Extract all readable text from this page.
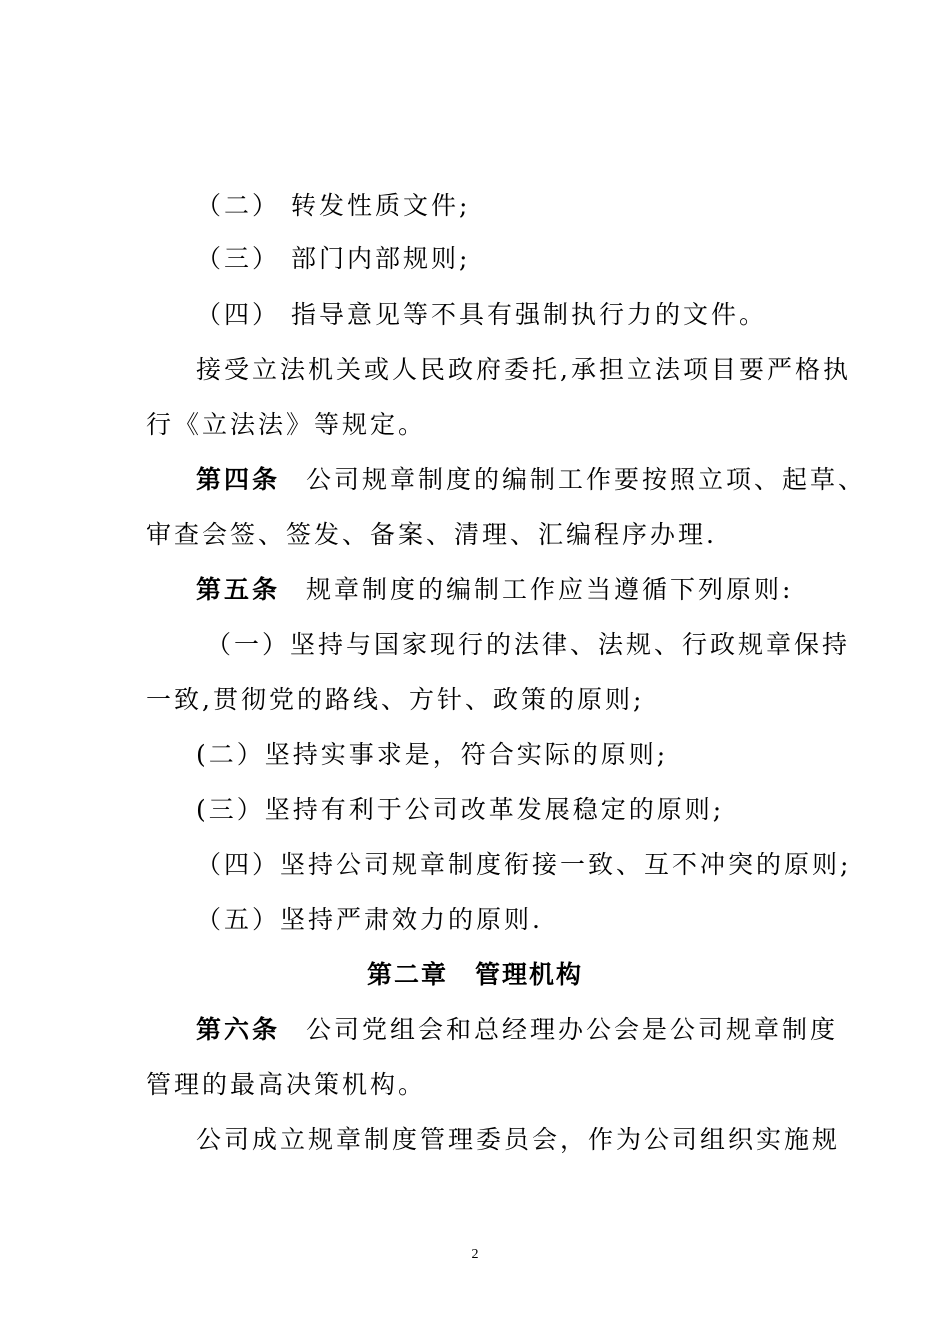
（二） 转发性质文件;
（三） 部门内部规则;
（四） 指导意见等不具有强制执行力的文件。
接受立法机关或人民政府委托,承担立法项目要严格执
行《立法法》等规定。
第四条 公司规章制度的编制工作要按照立项、起草、
审查会签、签发、备案、清理、汇编程序办理.
第五条 规章制度的编制工作应当遵循下列原则:
（一）坚持与国家现行的法律、法规、行政规章保持
一致,贯彻党的路线、方针、政策的原则;
(二）坚持实事求是，符合实际的原则;
(三）坚持有利于公司改革发展稳定的原则;
（四）坚持公司规章制度衔接一致、互不冲突的原则;
（五）坚持严肃效力的原则.
第二章　管理机构
第六条 公司党组会和总经理办公会是公司规章制度
管理的最高决策机构。
公司成立规章制度管理委员会，作为公司组织实施规
2
